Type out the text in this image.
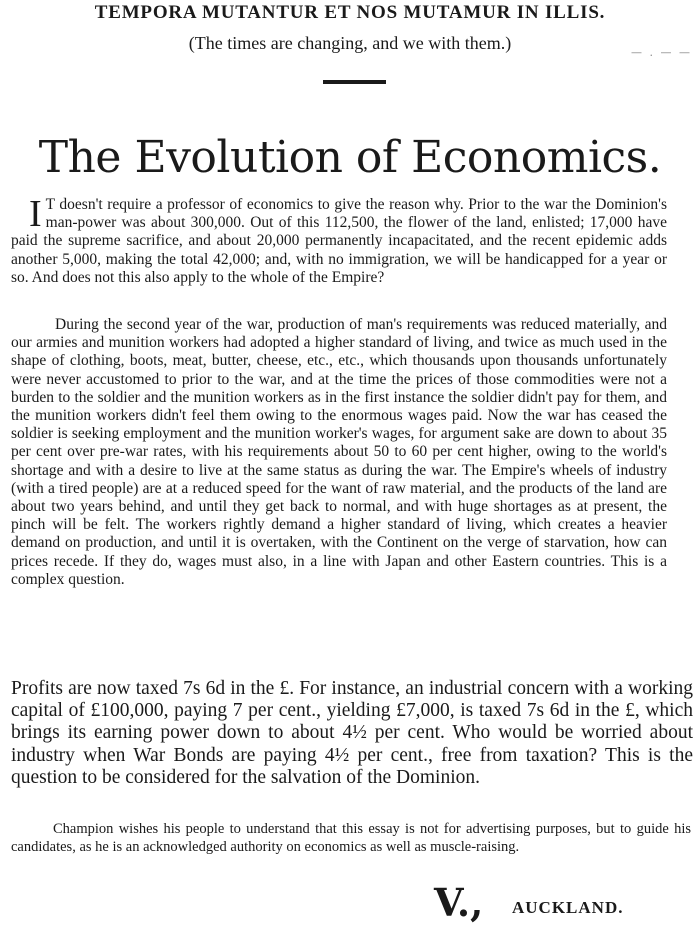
TEMPORA MUTANTUR ET NOS MUTAMUR IN ILLIS.
(The times are changing, and we with them.)	— . — —
The Evolution of Economics.
I T doesn't require a professor of economics to give the reason why. Prior to the war the Dominion's man-power was about 300,000. Out of this 112,500, the flower of the land, enlisted; 17,000 have paid the supreme sacrifice, and about 20,000 permanently incapacitated, and the recent epidemic adds another 5,000, making the total 42,000; and, with no immigration, we will be handicapped for a year or so. And does not this also apply to the whole of the Empire?
During the second year of the war, production of man's requirements was reduced materially, and our armies and munition workers had adopted a higher standard of living, and twice as much used in the shape of clothing, boots, meat, butter, cheese, etc., etc., which thousands upon thousands unfortunately were never accustomed to prior to the war, and at the time the prices of those commodities were not a burden to the soldier and the munition workers as in the first instance the soldier didn't pay for them, and the munition workers didn't feel them owing to the enormous wages paid. Now the war has ceased the soldier is seeking employment and the munition worker's wages, for argument sake are down to about 35 per cent over pre-war rates, with his requirements about 50 to 60 per cent higher, owing to the world's shortage and with a desire to live at the same status as during the war. The Empire's wheels of industry (with a tired people) are at a reduced speed for the want of raw material, and the products of the land are about two years behind, and until they get back to normal, and with huge shortages as at present, the pinch will be felt. The workers rightly demand a higher standard of living, which creates a heavier demand on production, and until it is overtaken, with the Continent on the verge of starvation, how can prices recede. If they do, wages must also, in a line with Japan and other Eastern countries. This is a complex question.
Profits are now taxed 7s 6d in the £. For instance, an industrial concern with a working capital of £100,000, paying 7 per cent., yielding £7,000, is taxed 7s 6d in the £, which brings its earning power down to about 4½ per cent. Who would be worried about industry when War Bonds are paying 4½ per cent., free from taxation? This is the question to be considered for the salvation of the Dominion.
Champion wishes his people to understand that this essay is not for advertising purposes, but to guide his candidates, as he is an acknowledged authority on economics as well as muscle-raising.
V., AUCKLAND.
